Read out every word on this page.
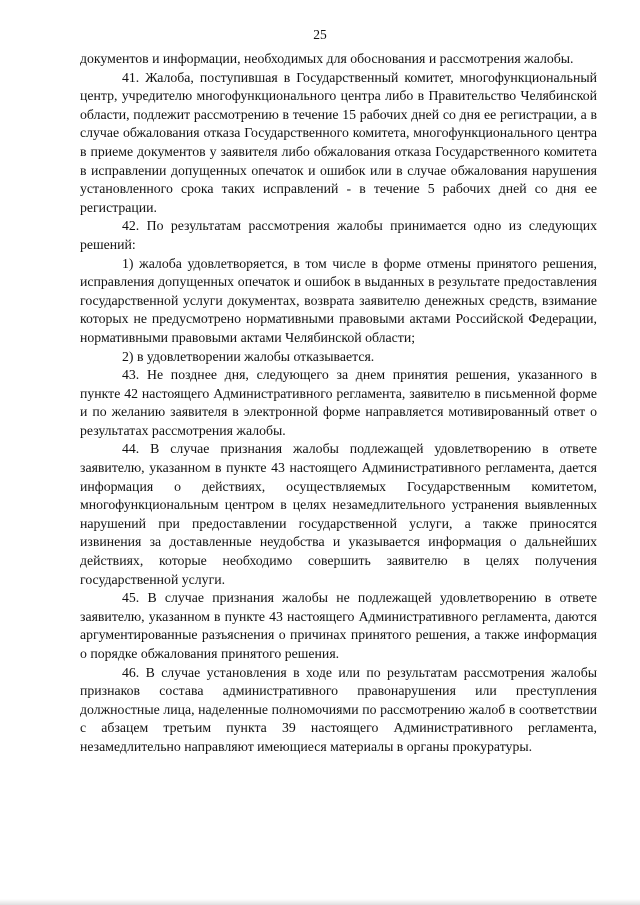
25

документов и информации, необходимых для обоснования и рассмотрения жалобы.

41. Жалоба, поступившая в Государственный комитет, многофункциональный центр, учредителю многофункционального центра либо в Правительство Челябинской области, подлежит рассмотрению в течение 15 рабочих дней со дня ее регистрации, а в случае обжалования отказа Государственного комитета, многофункционального центра в приеме документов у заявителя либо обжалования отказа Государственного комитета в исправлении допущенных опечаток и ошибок или в случае обжалования нарушения установленного срока таких исправлений - в течение 5 рабочих дней со дня ее регистрации.

42. По результатам рассмотрения жалобы принимается одно из следующих решений:

1) жалоба удовлетворяется, в том числе в форме отмены принятого решения, исправления допущенных опечаток и ошибок в выданных в результате предоставления государственной услуги документах, возврата заявителю денежных средств, взимание которых не предусмотрено нормативными правовыми актами Российской Федерации, нормативными правовыми актами Челябинской области;

2) в удовлетворении жалобы отказывается.

43. Не позднее дня, следующего за днем принятия решения, указанного в пункте 42 настоящего Административного регламента, заявителю в письменной форме и по желанию заявителя в электронной форме направляется мотивированный ответ о результатах рассмотрения жалобы.

44. В случае признания жалобы подлежащей удовлетворению в ответе заявителю, указанном в пункте 43 настоящего Административного регламента, дается информация о действиях, осуществляемых Государственным комитетом, многофункциональным центром в целях незамедлительного устранения выявленных нарушений при предоставлении государственной услуги, а также приносятся извинения за доставленные неудобства и указывается информация о дальнейших действиях, которые необходимо совершить заявителю в целях получения государственной услуги.

45. В случае признания жалобы не подлежащей удовлетворению в ответе заявителю, указанном в пункте 43 настоящего Административного регламента, даются аргументированные разъяснения о причинах принятого решения, а также информация о порядке обжалования принятого решения.

46. В случае установления в ходе или по результатам рассмотрения жалобы признаков состава административного правонарушения или преступления должностные лица, наделенные полномочиями по рассмотрению жалоб в соответствии с абзацем третьим пункта 39 настоящего Административного регламента, незамедлительно направляют имеющиеся материалы в органы прокуратуры.
